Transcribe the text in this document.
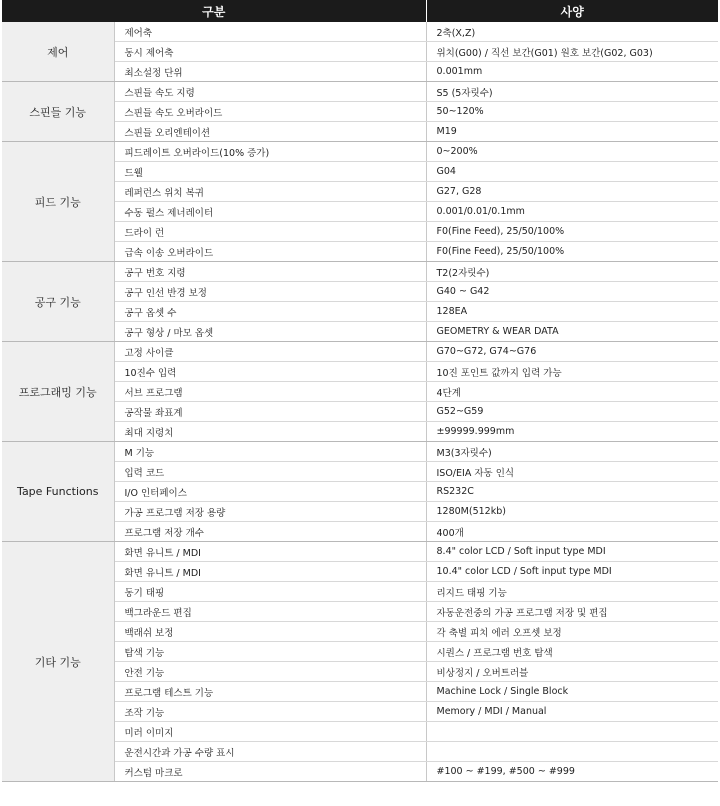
구분		사양
제어	제어축	2축(X,Z)
	동시 제어축	위치(G00) / 직선 보간(G01) 원호 보간(G02, G03)
	최소설정 단위	0.001mm
스핀들 기능	스핀들 속도 지령	S5 (5자릿수)
	스핀들 속도 오버라이드	50~120%
	스핀들 오리엔테이션	M19
피드 기능	피드레이트 오버라이드(10% 증가)	0~200%
	드웰	G04
	레퍼런스 위치 복귀	G27, G28
	수동 펄스 제너레이터	0.001/0.01/0.1mm
	드라이 런	F0(Fine Feed), 25/50/100%
	급속 이송 오버라이드	F0(Fine Feed), 25/50/100%
공구 기능	공구 번호 지령	T2(2자릿수)
	공구 인선 반경 보정	G40 ~ G42
	공구 옵셋 수	128EA
	공구 형상 / 마모 옵셋	GEOMETRY & WEAR DATA
프로그래밍 기능	고정 사이클	G70~G72, G74~G76
	10진수 입력	10진 포인트 값까지 입력 가능
	서브 프로그램	4단계
	공작물 좌표계	G52~G59
	최대 지령치	±99999.999mm
Tape Functions	M 기능	M3(3자릿수)
	입력 코드	ISO/EIA 자동 인식
	I/O 인터페이스	RS232C
	가공 프로그램 저장 용량	1280M(512kb)
	프로그램 저장 개수	400개
기타 기능	화면 유니트 / MDI	8.4" color LCD / Soft input type MDI
	화면 유니트 / MDI	10.4" color LCD / Soft input type MDI
	동기 태핑	리지드 태핑 기능
	백그라운드 편집	자동운전중의 가공 프로그램 저장 및 편집
	백래쉬 보정	각 축별 피치 에러 오프셋 보정
	탐색 기능	시퀀스 / 프로그램 번호 탐색
	안전 기능	비상정지 / 오버트러블
	프로그램 테스트 기능	Machine Lock / Single Block
	조작 기능	Memory / MDI / Manual
	미러 이미지	
	운전시간과 가공 수량 표시	
	커스텀 마크로	#100 ~ #199, #500 ~ #999
